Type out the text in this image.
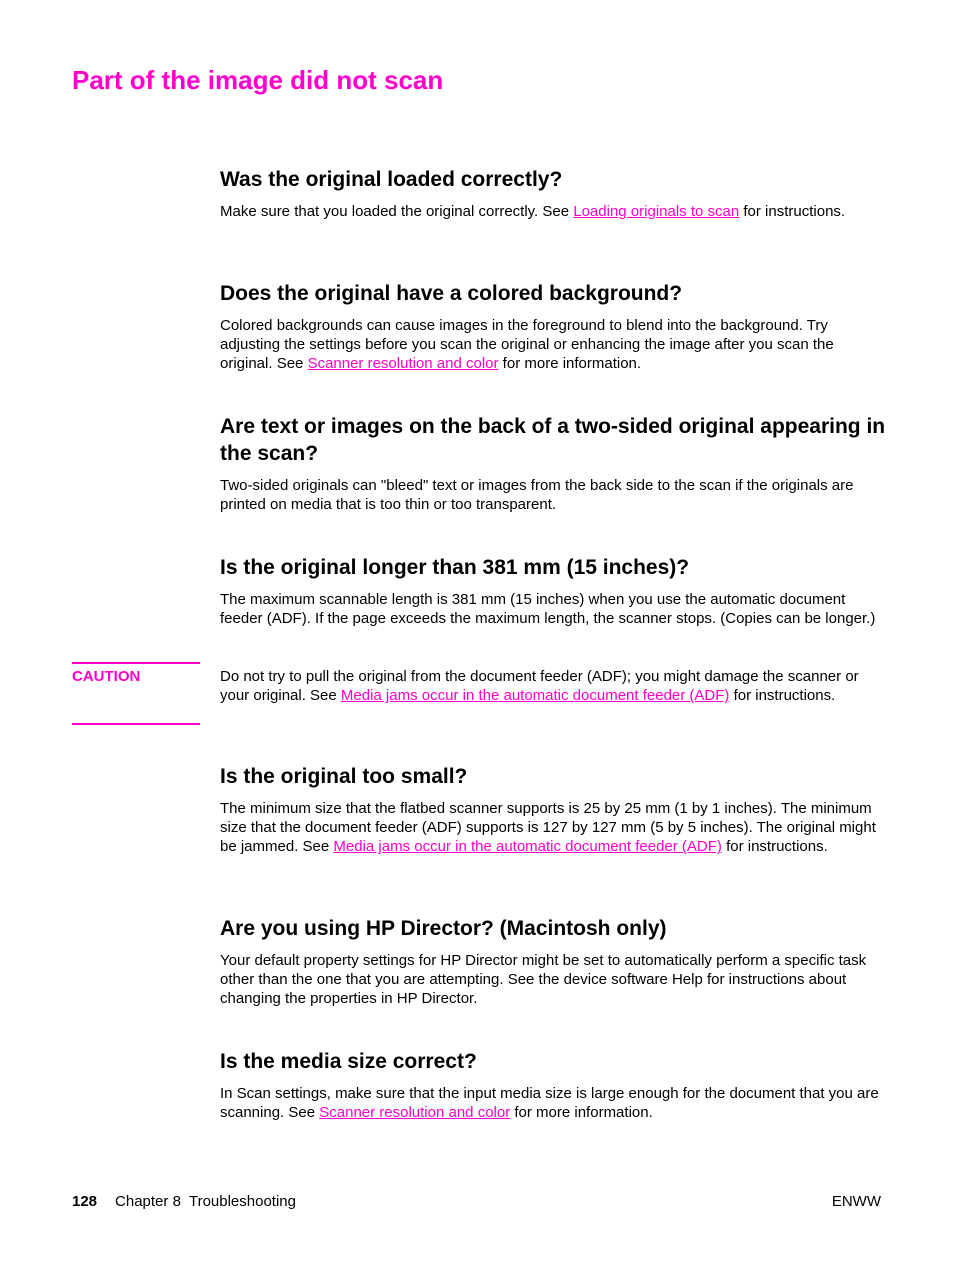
Part of the image did not scan
Was the original loaded correctly?

Make sure that you loaded the original correctly. See Loading originals to scan for instructions.

Does the original have a colored background?

Colored backgrounds can cause images in the foreground to blend into the background. Try adjusting the settings before you scan the original or enhancing the image after you scan the original. See Scanner resolution and color for more information.

Are text or images on the back of a two-sided original appearing in the scan?

Two-sided originals can "bleed" text or images from the back side to the scan if the originals are printed on media that is too thin or too transparent.

Is the original longer than 381 mm (15 inches)?

The maximum scannable length is 381 mm (15 inches) when you use the automatic document feeder (ADF). If the page exceeds the maximum length, the scanner stops. (Copies can be longer.)

CAUTION	Do not try to pull the original from the document feeder (ADF); you might damage the scanner or your original. See Media jams occur in the automatic document feeder (ADF) for instructions.

Is the original too small?

The minimum size that the flatbed scanner supports is 25 by 25 mm (1 by 1 inches). The minimum size that the document feeder (ADF) supports is 127 by 127 mm (5 by 5 inches). The original might be jammed. See Media jams occur in the automatic document feeder (ADF) for instructions.

Are you using HP Director? (Macintosh only)

Your default property settings for HP Director might be set to automatically perform a specific task other than the one that you are attempting. See the device software Help for instructions about changing the properties in HP Director.

Is the media size correct?

In Scan settings, make sure that the input media size is large enough for the document that you are scanning. See Scanner resolution and color for more information.

128 Chapter 8  Troubleshooting	ENWW
